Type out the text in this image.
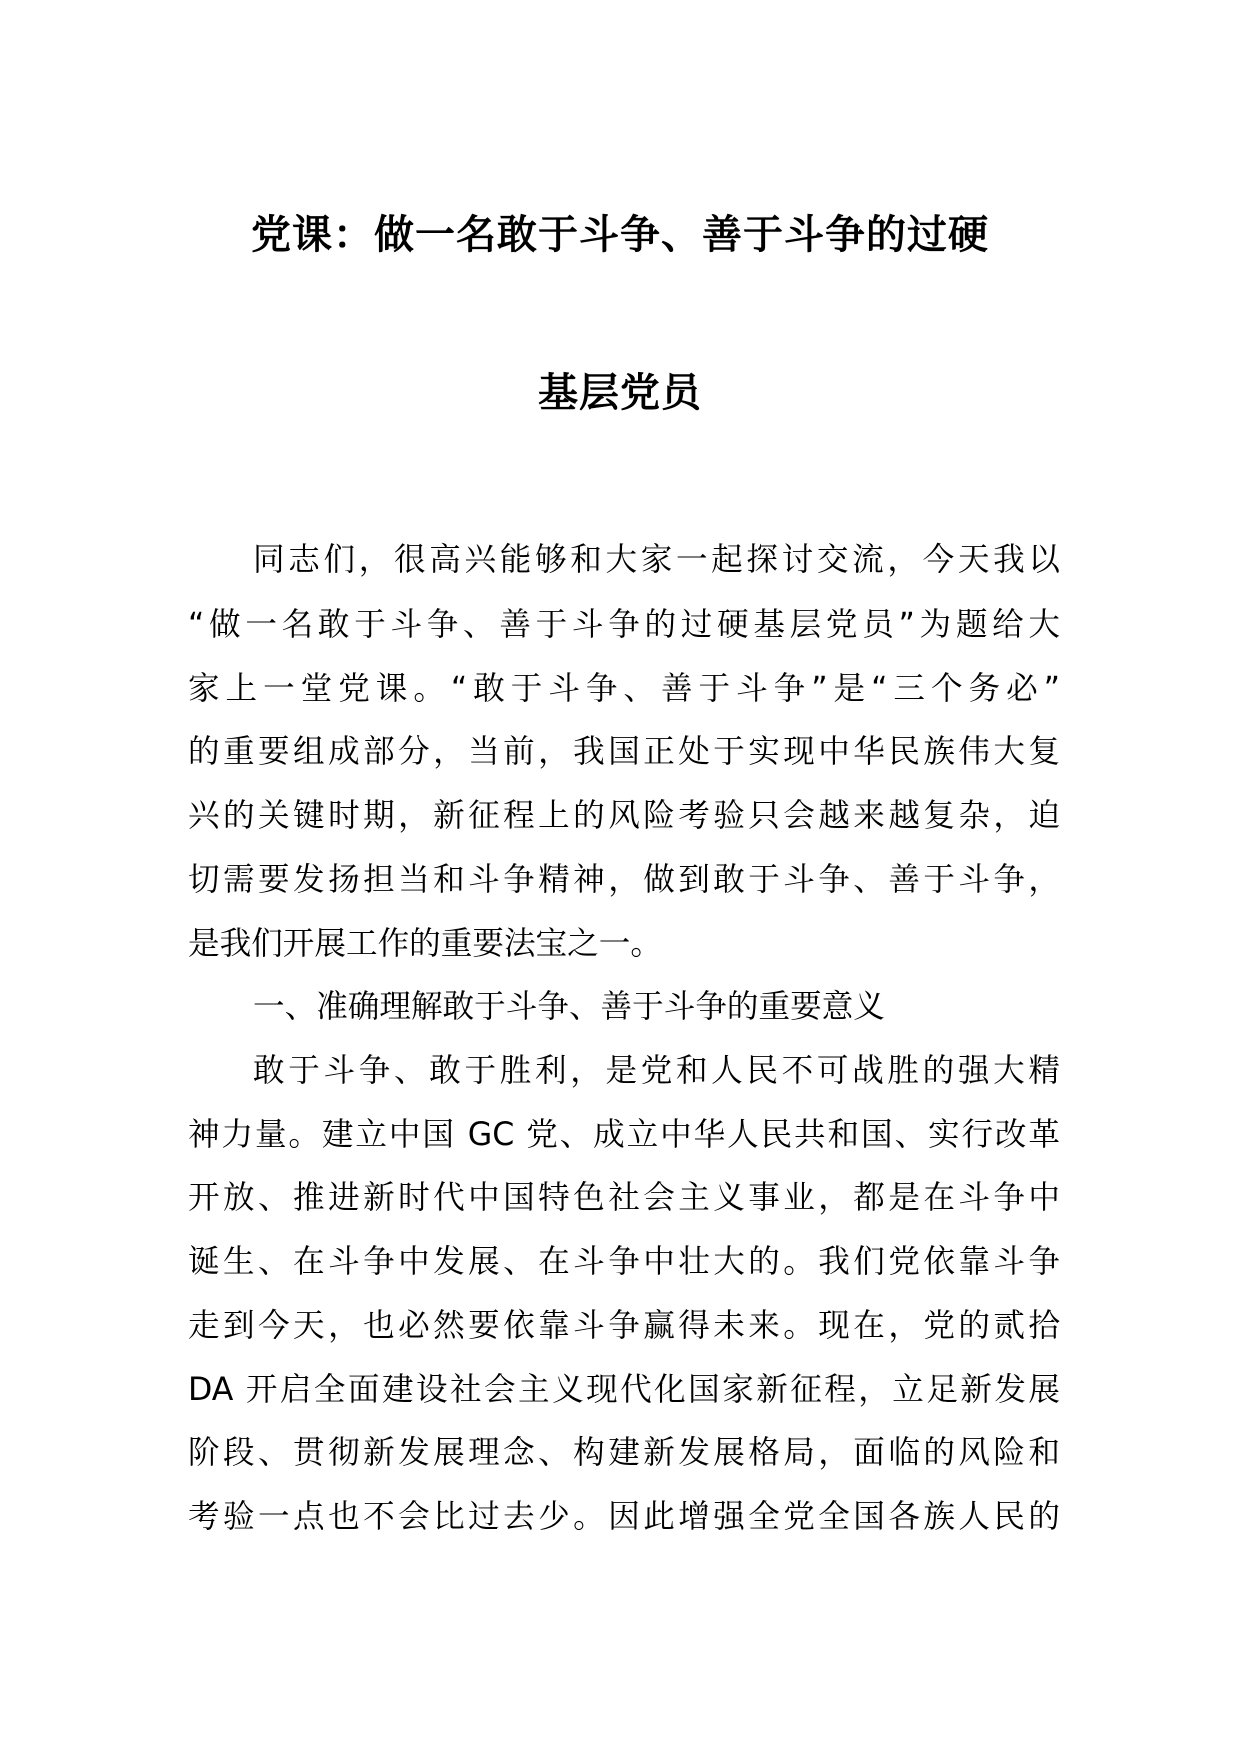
党课：做一名敢于斗争、善于斗争的过硬
基层党员
同志们，很高兴能够和大家一起探讨交流，今天我以
“做一名敢于斗争、善于斗争的过硬基层党员”为题给大
家上一堂党课。“敢于斗争、善于斗争”是“三个务必”
的重要组成部分，当前，我国正处于实现中华民族伟大复
兴的关键时期，新征程上的风险考验只会越来越复杂，迫
切需要发扬担当和斗争精神，做到敢于斗争、善于斗争，
是我们开展工作的重要法宝之一。
一、准确理解敢于斗争、善于斗争的重要意义
敢于斗争、敢于胜利，是党和人民不可战胜的强大精
神力量。建立中国 GC 党、成立中华人民共和国、实行改革
开放、推进新时代中国特色社会主义事业，都是在斗争中
诞生、在斗争中发展、在斗争中壮大的。我们党依靠斗争
走到今天，也必然要依靠斗争赢得未来。现在，党的贰拾
DA 开启全面建设社会主义现代化国家新征程，立足新发展
阶段、贯彻新发展理念、构建新发展格局，面临的风险和
考验一点也不会比过去少。因此增强全党全国各族人民的
